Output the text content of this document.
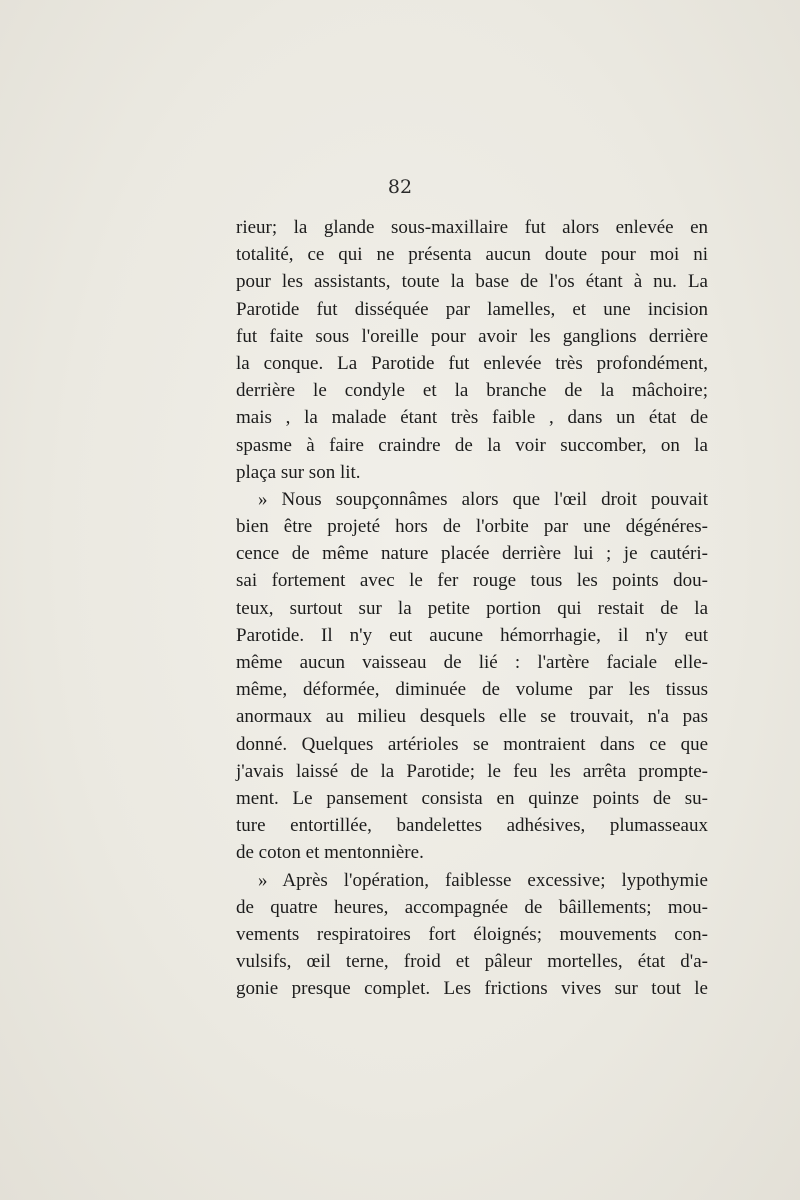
82
rieur; la glande sous-maxillaire fut alors enlevée en
totalité, ce qui ne présenta aucun doute pour moi ni
pour les assistants, toute la base de l'os étant à nu. La
Parotide fut disséquée par lamelles, et une incision
fut faite sous l'oreille pour avoir les ganglions derrière
la conque. La Parotide fut enlevée très profondément,
derrière le condyle et la branche de la mâchoire;
mais , la malade étant très faible , dans un état de
spasme à faire craindre de la voir succomber, on la
plaça sur son lit.
» Nous soupçonnâmes alors que l'œil droit pouvait
bien être projeté hors de l'orbite par une dégénéres-
cence de même nature placée derrière lui ; je cautéri-
sai fortement avec le fer rouge tous les points dou-
teux, surtout sur la petite portion qui restait de la
Parotide. Il n'y eut aucune hémorrhagie, il n'y eut
même aucun vaisseau de lié : l'artère faciale elle-
même, déformée, diminuée de volume par les tissus
anormaux au milieu desquels elle se trouvait, n'a pas
donné. Quelques artérioles se montraient dans ce que
j'avais laissé de la Parotide; le feu les arrêta prompte-
ment. Le pansement consista en quinze points de su-
ture entortillée, bandelettes adhésives, plumasseaux
de coton et mentonnière.
» Après l'opération, faiblesse excessive; lypothymie
de quatre heures, accompagnée de bâillements; mou-
vements respiratoires fort éloignés; mouvements con-
vulsifs, œil terne, froid et pâleur mortelles, état d'a-
gonie presque complet. Les frictions vives sur tout le
